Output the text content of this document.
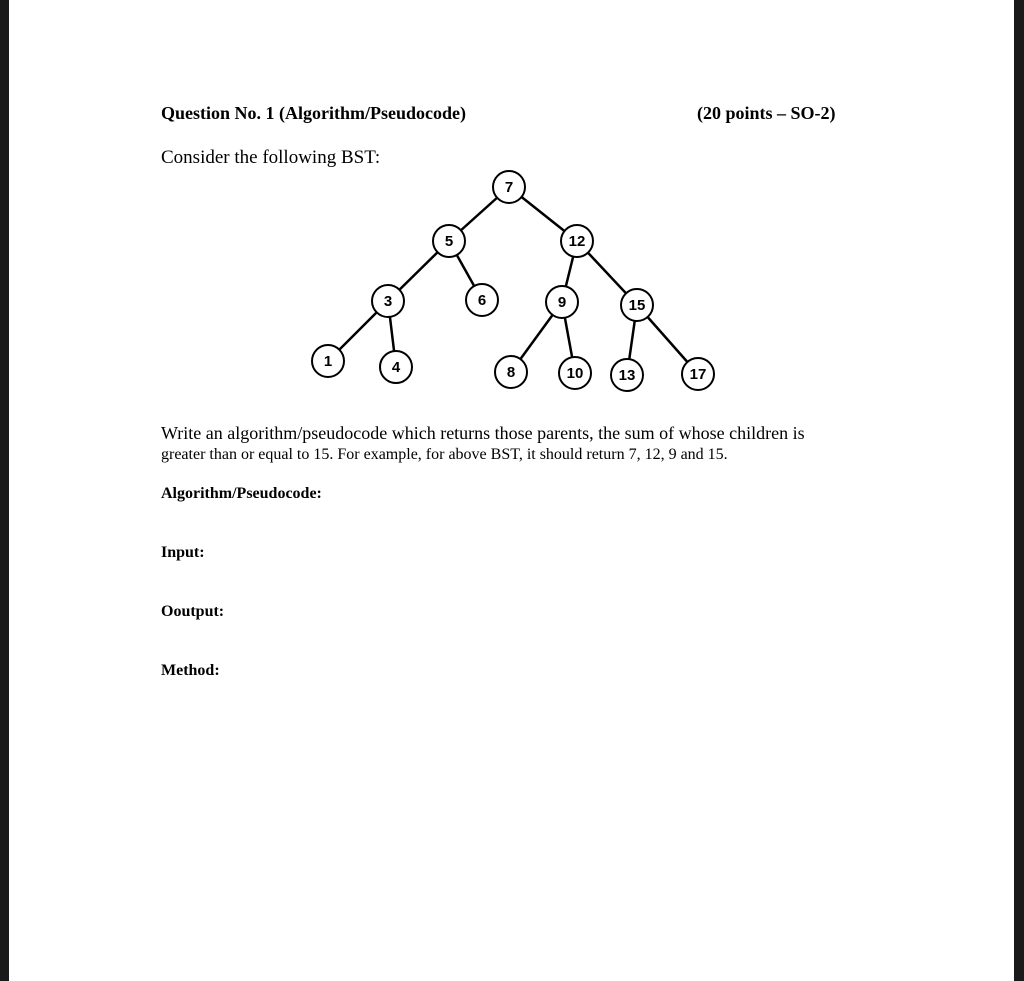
Question No. 1 (Algorithm/Pseudocode)	(20 points – SO-2)
Consider the following BST:
7
5	12
3	6	9	15
1	4	8	10 13	17
Write an algorithm/pseudocode which returns those parents, the sum of whose children is
greater than or equal to 15. For example, for above BST, it should return 7, 12, 9 and 15.
Algorithm/Pseudocode:
Input:
Ooutput:
Method:
